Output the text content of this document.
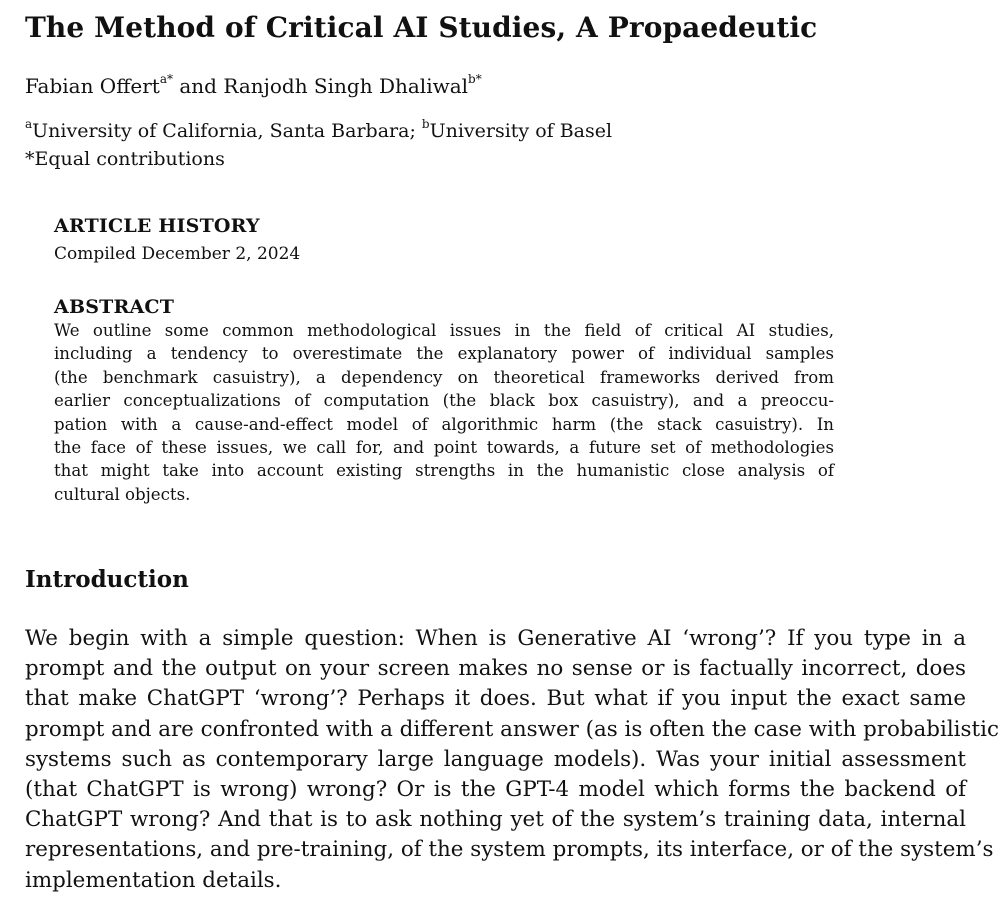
The Method of Critical AI Studies, A Propaedeutic

Fabian Offert$^{a*}$ and Ranjodh Singh Dhaliwal$^{b*}$

$^a$University of California, Santa Barbara; $^b$University of Basel

*Equal contributions

ARTICLE HISTORY

Compiled December 2, 2024

ABSTRACT
We outline some common methodological issues in the field of critical AI studies,
including a tendency to overestimate the explanatory power of individual samples
(the benchmark casuistry), a dependency on theoretical frameworks derived from
earlier conceptualizations of computation (the black box casuistry), and a preoccu-
pation with a cause-and-effect model of algorithmic harm (the stack casuistry). In
the face of these issues, we call for, and point towards, a future set of methodologies
that might take into account existing strengths in the humanistic close analysis of
cultural objects.
Introduction
We begin with a simple question: When is Generative AI ‘wrong’? If you type in a
prompt and the output on your screen makes no sense or is factually incorrect, does
that make ChatGPT ‘wrong’? Perhaps it does. But what if you input the exact same
prompt and are confronted with a different answer (as is often the case with probabilistic
systems such as contemporary large language models). Was your initial assessment
(that ChatGPT is wrong) wrong? Or is the GPT-4 model which forms the backend of
ChatGPT wrong? And that is to ask nothing yet of the system’s training data, internal
representations, and pre-training, of the system prompts, its interface, or of the system’s
implementation details.
